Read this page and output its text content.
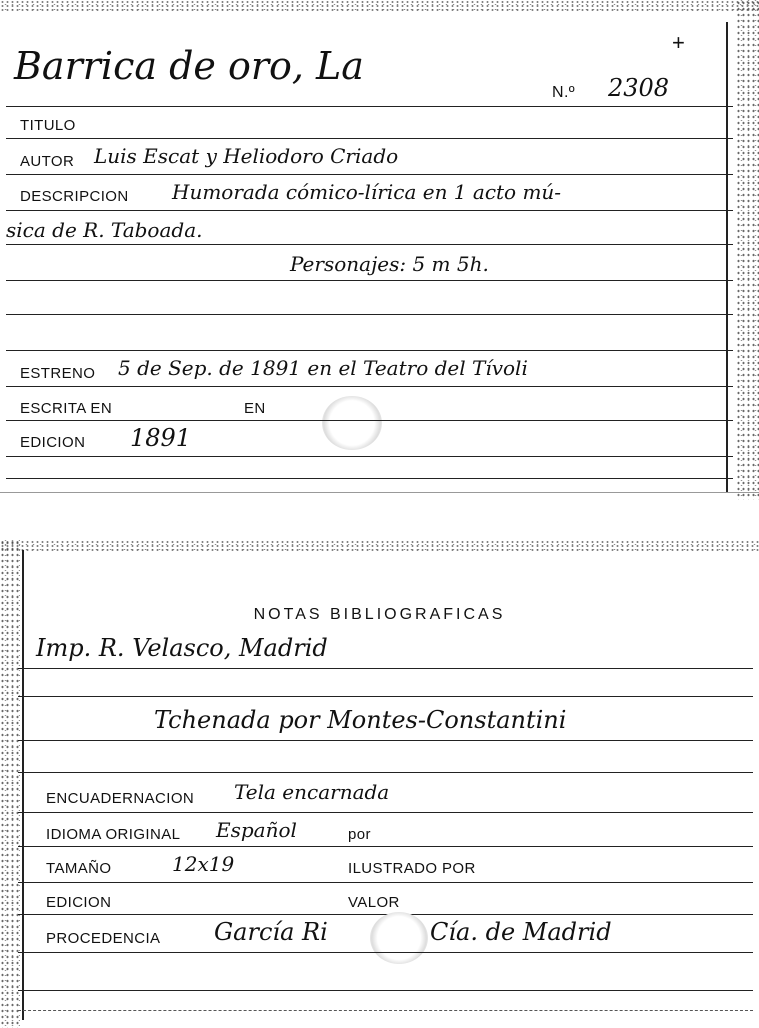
Barrica de oro, La
N.º 2308
+
TITULO
AUTOR Luis Escat y Heliodoro Criado
DESCRIPCION Humorada cómico-lírica en 1 acto mú-
sica de R. Taboada.
Personajes: 5 m 5h.
ESTRENO 5 de Sep. de 1891 en el Teatro del Tívoli
ESCRITA EN	EN
EDICION 1891
NOTAS BIBLIOGRAFICAS
Imp. R. Velasco, Madrid
Tchenada por Montes-Constantini
ENCUADERNACION Tela encarnada
IDIOMA ORIGINAL Español	por
TAMAÑO	12x19	ILUSTRADO POR
EDICION	VALOR
PROCEDENCIA García Ri	Cía. de Madrid
